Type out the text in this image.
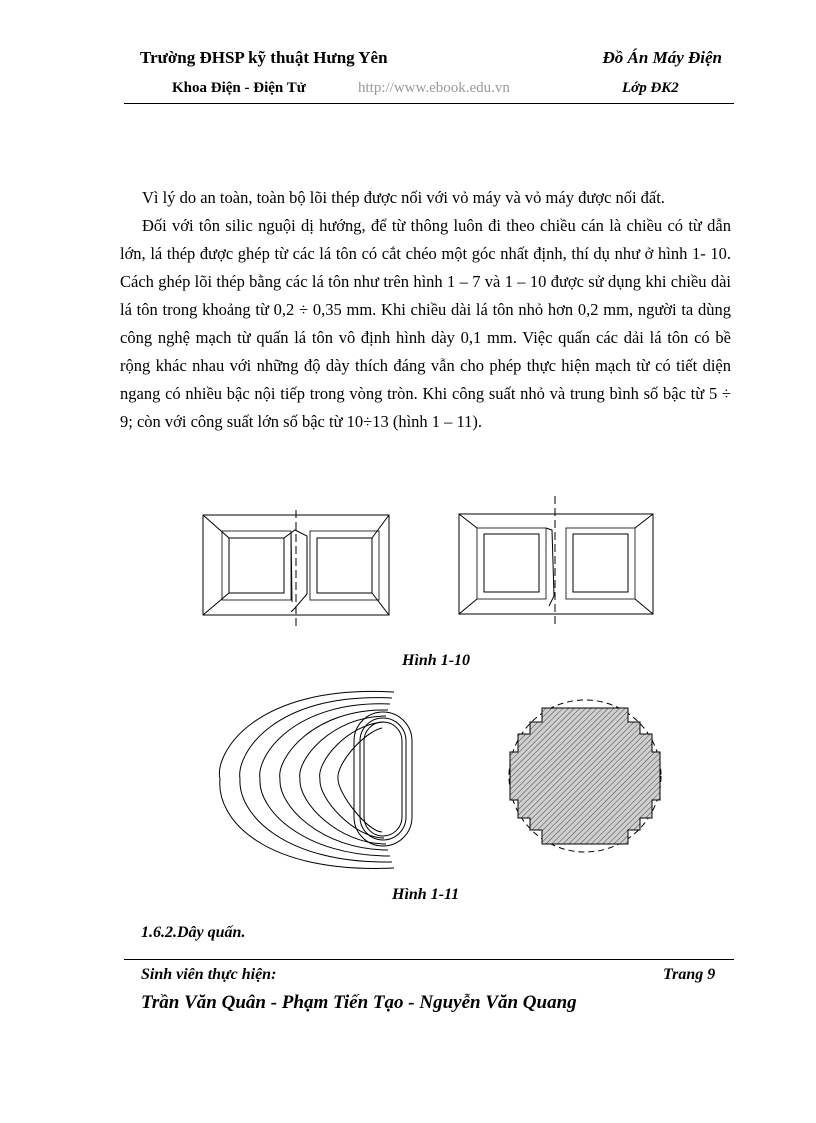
Trường ĐHSP kỹ thuật Hưng Yên	Đồ Án Máy Điện
Khoa Điện - Điện Tử	http://www.ebook.edu.vn	Lớp ĐK2

Vì lý do an toàn, toàn bộ lõi thép được nối với vỏ máy và vỏ máy được nối đất.

Đối với tôn silic nguội dị hướng, để từ thông luôn đi theo chiều cán là chiều có từ dẫn lớn, lá thép được ghép từ các lá tôn có cắt chéo một góc nhất định, thí dụ như ở hình 1- 10. Cách ghép lõi thép bằng các lá tôn như trên hình 1 – 7 và 1 – 10 được sử dụng khi chiều dài lá tôn trong khoảng từ 0,2 ÷ 0,35 mm. Khi chiều dài lá tôn nhỏ hơn 0,2 mm, người ta dùng công nghệ mạch từ quấn lá tôn vô định hình dày 0,1 mm. Việc quấn các dải lá tôn có bề rộng khác nhau với những độ dày thích đáng vẫn cho phép thực hiện mạch từ có tiết diện ngang có nhiều bậc nội tiếp trong vòng tròn. Khi công suất nhỏ và trung bình số bậc từ 5 ÷ 9; còn với công suất lớn số bậc từ 10÷13 (hình 1 – 11).

Hình 1-10
Hình 1-11
1.6.2.Dây quấn.
Sinh viên thực hiện:	Trang 9
Trần Văn Quân - Phạm Tiến Tạo - Nguyễn Văn Quang
